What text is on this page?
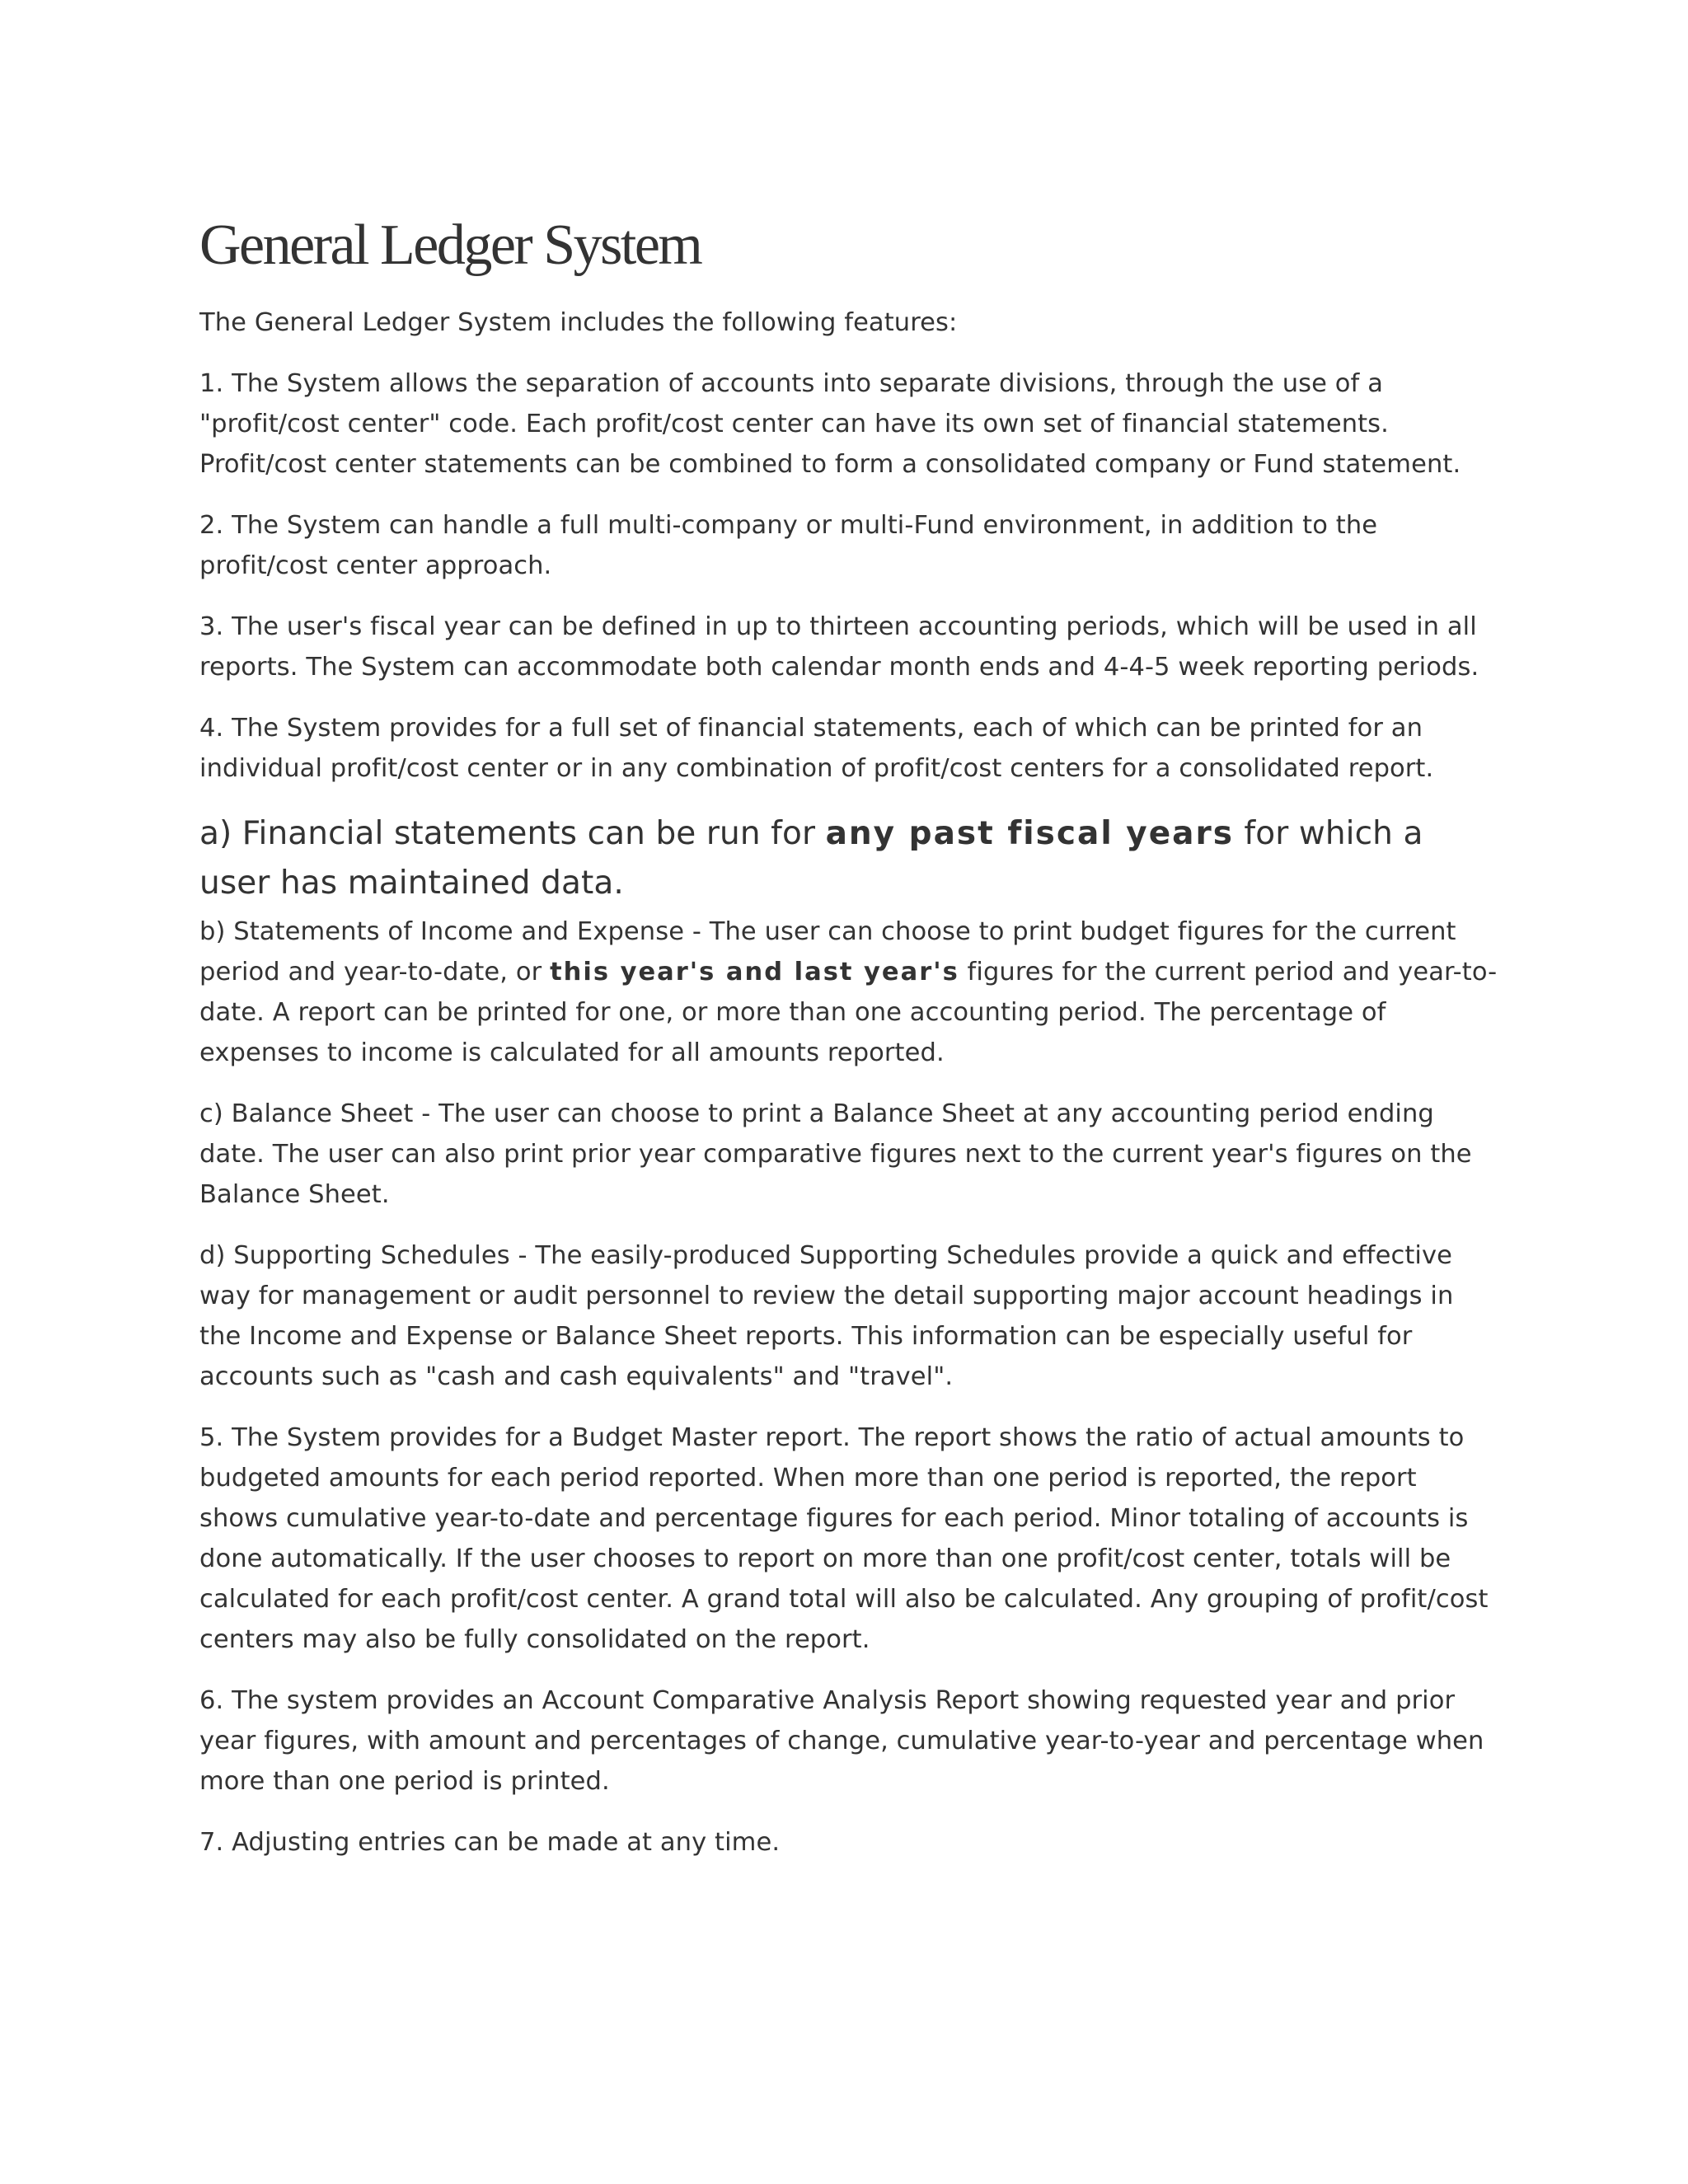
General Ledger System

The General Ledger System includes the following features:

1. The System allows the separation of accounts into separate divisions, through the use of a "profit/cost center" code. Each profit/cost center can have its own set of financial statements. Profit/cost center statements can be combined to form a consolidated company or Fund statement.

2. The System can handle a full multi-company or multi-Fund environment, in addition to the profit/cost center approach.

3. The user's fiscal year can be defined in up to thirteen accounting periods, which will be used in all reports. The System can accommodate both calendar month ends and 4-4-5 week reporting periods.

4. The System provides for a full set of financial statements, each of which can be printed for an individual profit/cost center or in any combination of profit/cost centers for a consolidated report.

a) Financial statements can be run for any past fiscal years for which a user has maintained data.

b) Statements of Income and Expense - The user can choose to print budget figures for the current period and year-to-date, or this year's and last year's figures for the current period and year-to-date. A report can be printed for one, or more than one accounting period. The percentage of expenses to income is calculated for all amounts reported.

c) Balance Sheet - The user can choose to print a Balance Sheet at any accounting period ending date. The user can also print prior year comparative figures next to the current year's figures on the Balance Sheet.

d) Supporting Schedules - The easily-produced Supporting Schedules provide a quick and effective way for management or audit personnel to review the detail supporting major account headings in the Income and Expense or Balance Sheet reports. This information can be especially useful for accounts such as "cash and cash equivalents" and "travel".

5. The System provides for a Budget Master report. The report shows the ratio of actual amounts to budgeted amounts for each period reported. When more than one period is reported, the report shows cumulative year-to-date and percentage figures for each period. Minor totaling of accounts is done automatically. If the user chooses to report on more than one profit/cost center, totals will be calculated for each profit/cost center. A grand total will also be calculated. Any grouping of profit/cost centers may also be fully consolidated on the report.

6. The system provides an Account Comparative Analysis Report showing requested year and prior year figures, with amount and percentages of change, cumulative year-to-year and percentage when more than one period is printed.

7. Adjusting entries can be made at any time.
